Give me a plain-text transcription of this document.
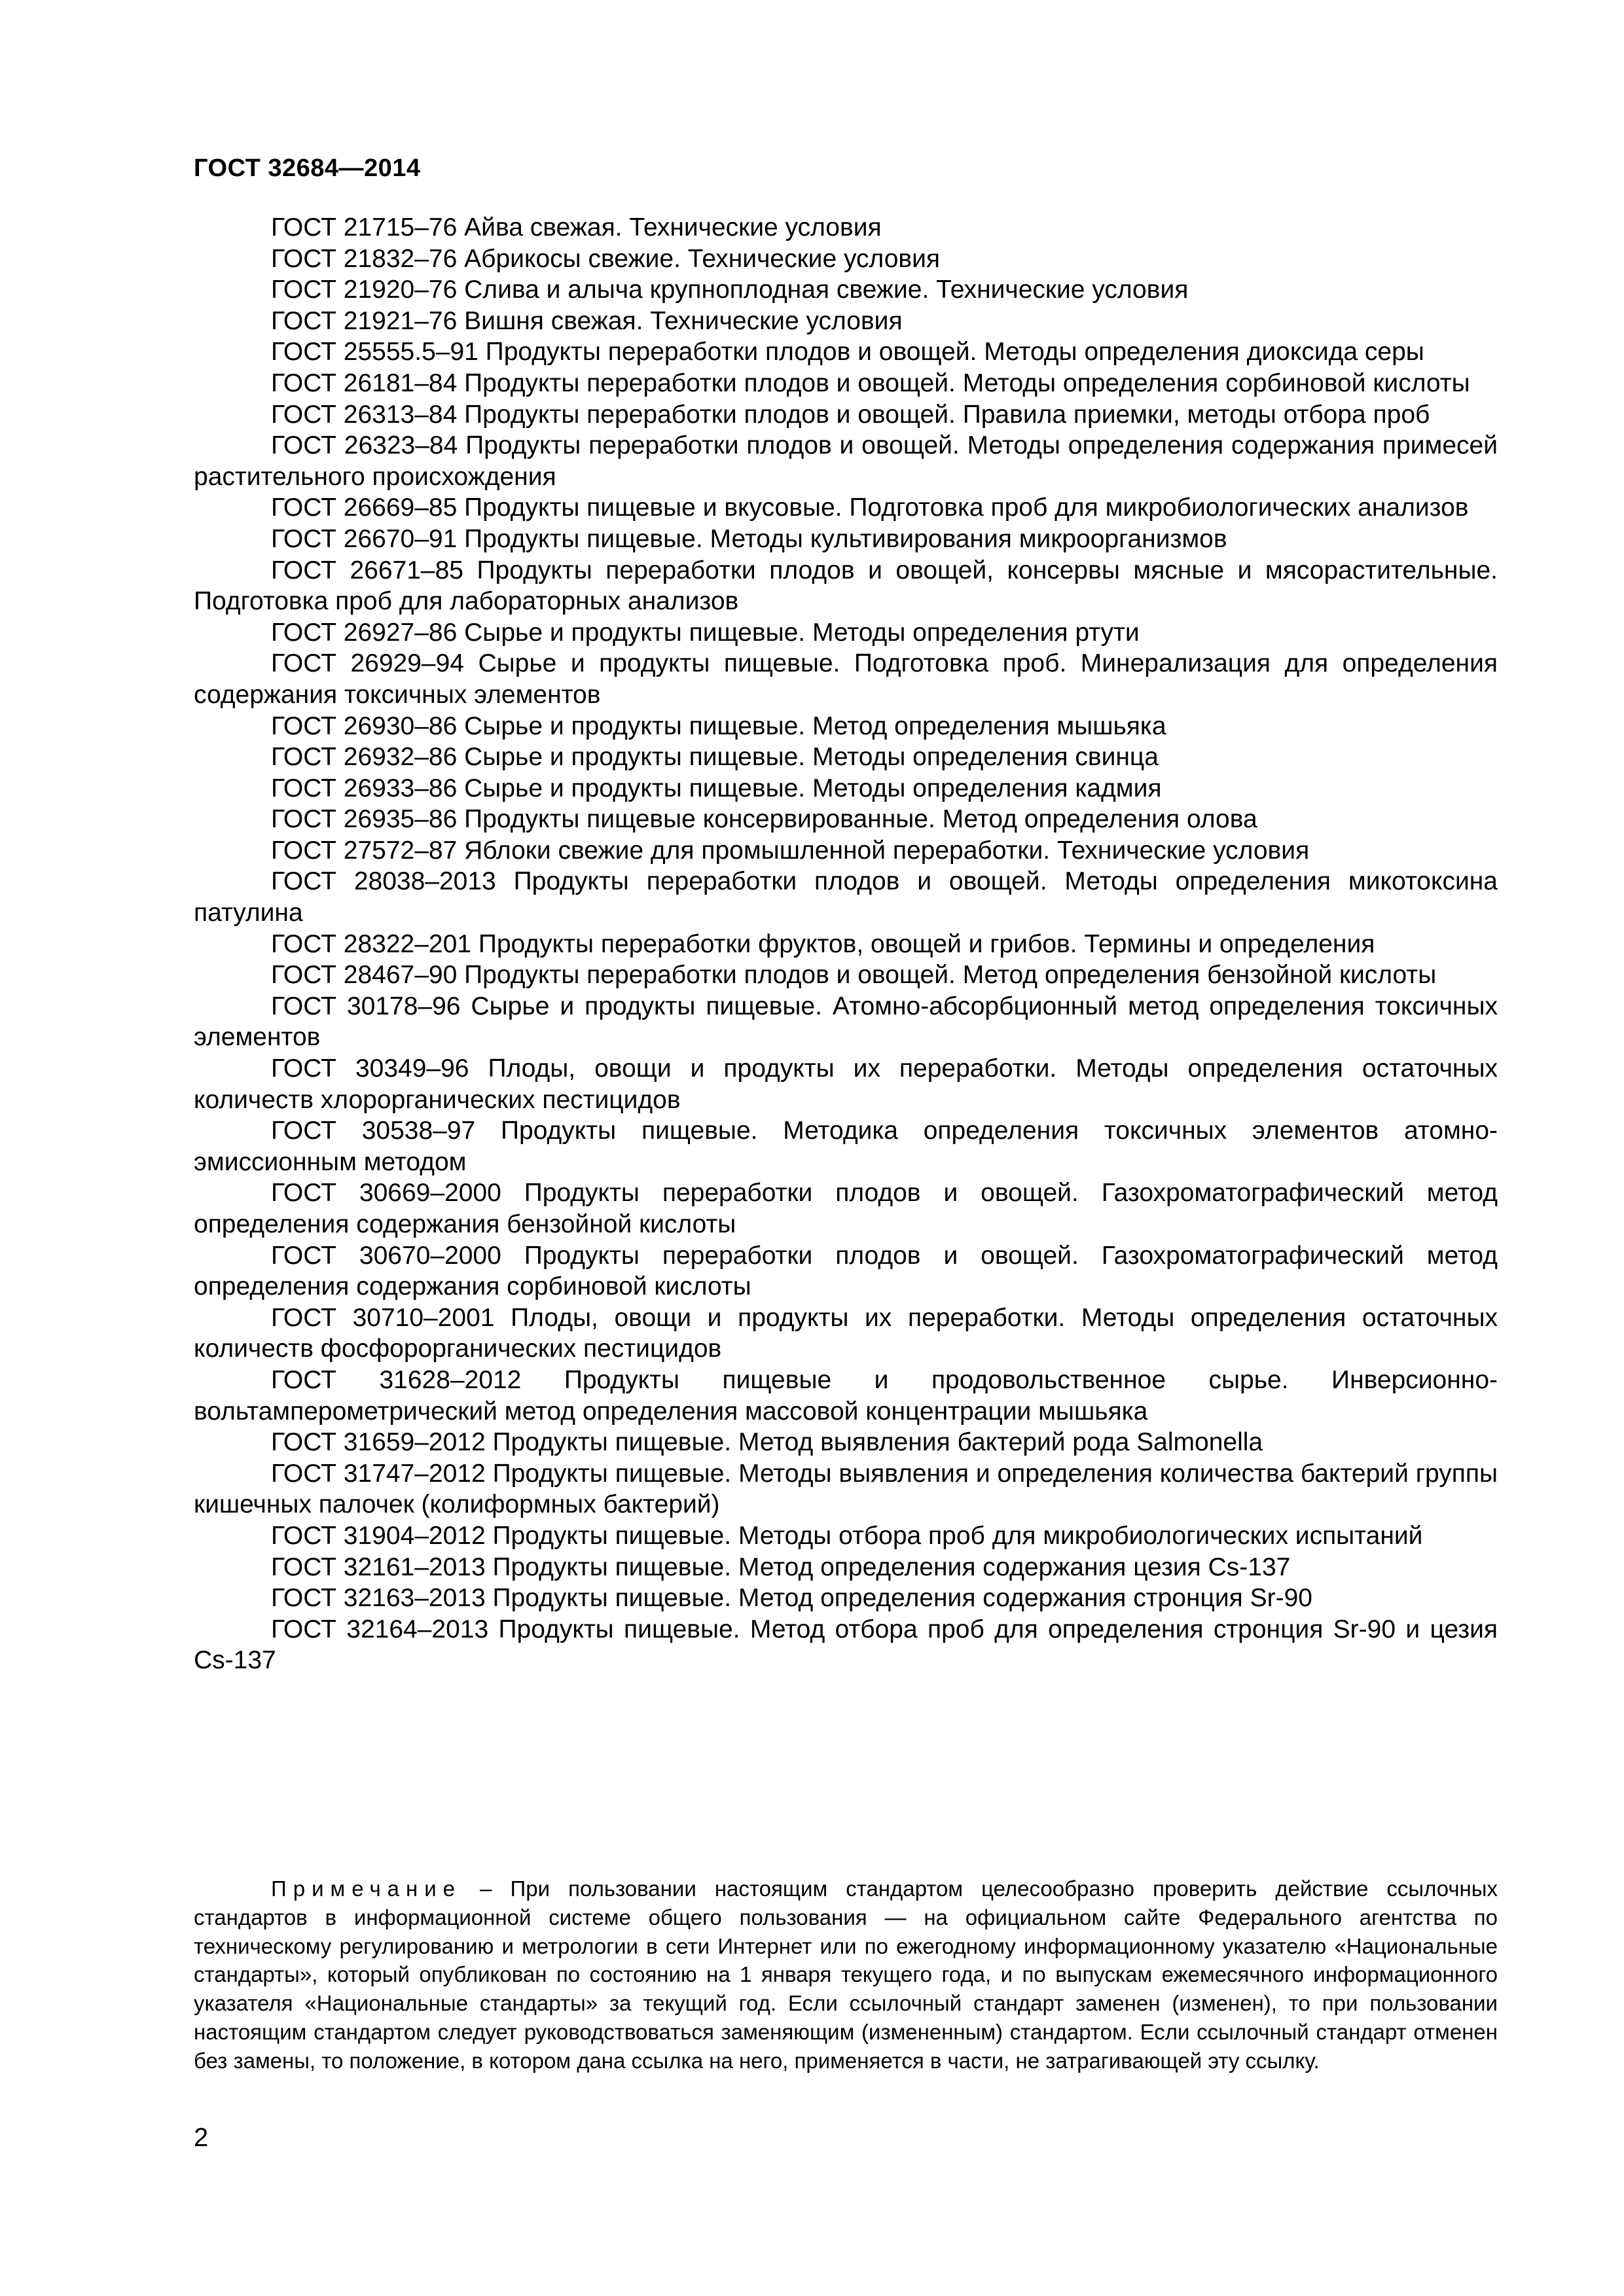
ГОСТ 32684—2014
ГОСТ 21715–76 Айва свежая. Технические условия
ГОСТ 21832–76 Абрикосы свежие. Технические условия
ГОСТ 21920–76 Слива и алыча крупноплодная свежие. Технические условия
ГОСТ 21921–76 Вишня свежая. Технические условия
ГОСТ 25555.5–91 Продукты переработки плодов и овощей. Методы определения диоксида серы
ГОСТ 26181–84 Продукты переработки плодов и овощей. Методы определения сорбиновой кислоты
ГОСТ 26313–84 Продукты переработки плодов и овощей. Правила приемки, методы отбора проб
ГОСТ 26323–84 Продукты переработки плодов и овощей. Методы определения содержания примесей растительного происхождения
ГОСТ 26669–85 Продукты пищевые и вкусовые. Подготовка проб для микробиологических анализов
ГОСТ 26670–91 Продукты пищевые. Методы культивирования микроорганизмов
ГОСТ 26671–85 Продукты переработки плодов и овощей, консервы мясные и мясорастительные. Подготовка проб для лабораторных анализов
ГОСТ 26927–86 Сырье и продукты пищевые. Методы определения ртути
ГОСТ 26929–94 Сырье и продукты пищевые. Подготовка проб. Минерализация для определения содержания токсичных элементов
ГОСТ 26930–86 Сырье и продукты пищевые. Метод определения мышьяка
ГОСТ 26932–86 Сырье и продукты пищевые. Методы определения свинца
ГОСТ 26933–86 Сырье и продукты пищевые. Методы определения кадмия
ГОСТ 26935–86 Продукты пищевые консервированные. Метод определения олова
ГОСТ 27572–87 Яблоки свежие для промышленной переработки. Технические условия
ГОСТ 28038–2013 Продукты переработки плодов и овощей. Методы определения микотоксина патулина
ГОСТ 28322–201 Продукты переработки фруктов, овощей и грибов. Термины и определения
ГОСТ 28467–90 Продукты переработки плодов и овощей. Метод определения бензойной кислоты
ГОСТ 30178–96 Сырье и продукты пищевые. Атомно-абсорбционный метод определения токсичных элементов
ГОСТ 30349–96 Плоды, овощи и продукты их переработки. Методы определения остаточных количеств хлорорганических пестицидов
ГОСТ 30538–97 Продукты пищевые. Методика определения токсичных элементов атомно-эмиссионным методом
ГОСТ 30669–2000 Продукты переработки плодов и овощей. Газохроматографический метод определения содержания бензойной кислоты
ГОСТ 30670–2000 Продукты переработки плодов и овощей. Газохроматографический метод определения содержания сорбиновой кислоты
ГОСТ 30710–2001 Плоды, овощи и продукты их переработки. Методы определения остаточных количеств фосфорорганических пестицидов
ГОСТ 31628–2012 Продукты пищевые и продовольственное сырье. Инверсионно-вольтамперометрический метод определения массовой концентрации мышьяка
ГОСТ 31659–2012 Продукты пищевые. Метод выявления бактерий рода Salmonella
ГОСТ 31747–2012 Продукты пищевые. Методы выявления и определения количества бактерий группы кишечных палочек (колиформных бактерий)
ГОСТ 31904–2012 Продукты пищевые. Методы отбора проб для микробиологических испытаний
ГОСТ 32161–2013 Продукты пищевые. Метод определения содержания цезия Cs-137
ГОСТ 32163–2013 Продукты пищевые. Метод определения содержания стронция Sr-90
ГОСТ 32164–2013 Продукты пищевые. Метод отбора проб для определения стронция Sr-90 и цезия Cs-137
Примечание – При пользовании настоящим стандартом целесообразно проверить действие ссылочных стандартов в информационной системе общего пользования — на официальном сайте Федерального агентства по техническому регулированию и метрологии в сети Интернет или по ежегодному информационному указателю «Национальные стандарты», который опубликован по состоянию на 1 января текущего года, и по выпускам ежемесячного информационного указателя «Национальные стандарты» за текущий год. Если ссылочный стандарт заменен (изменен), то при пользовании настоящим стандартом следует руководствоваться заменяющим (измененным) стандартом. Если ссылочный стандарт отменен без замены, то положение, в котором дана ссылка на него, применяется в части, не затрагивающей эту ссылку.
2
